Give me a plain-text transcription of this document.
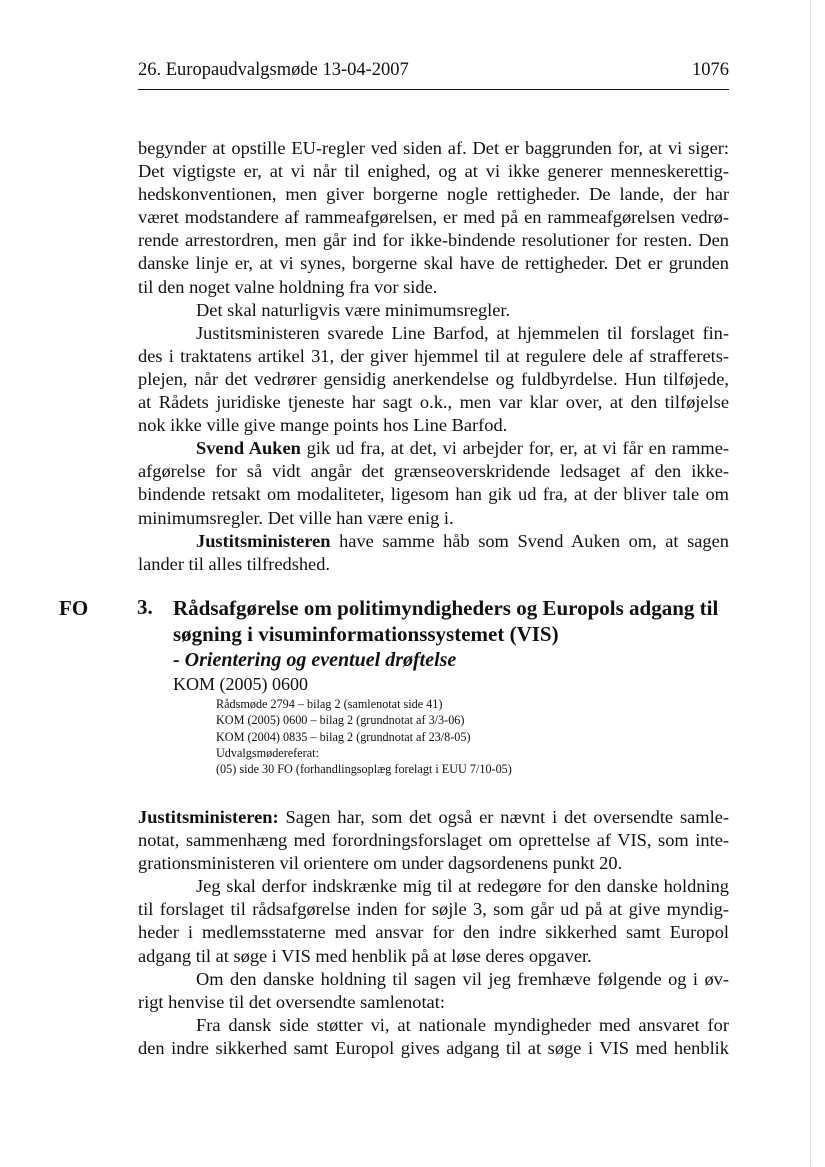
26. Europaudvalgsmøde 13-04-2007	1076

begynder at opstille EU-regler ved siden af. Det er baggrunden for, at vi siger:
Det vigtigste er, at vi når til enighed, og at vi ikke generer menneskerettig-
hedskonventionen, men giver borgerne nogle rettigheder. De lande, der har
været modstandere af rammeafgørelsen, er med på en rammeafgørelsen vedrø-
rende arrestordren, men går ind for ikke-bindende resolutioner for resten. Den
danske linje er, at vi synes, borgerne skal have de rettigheder. Det er grunden

til den noget valne holdning fra vor side.

Det skal naturligvis være minimumsregler.

Justitsministeren svarede Line Barfod, at hjemmelen til forslaget fin-

des i traktatens artikel 31, der giver hjemmel til at regulere dele af strafferets-
plejen, når det vedrører gensidig anerkendelse og fuldbyrdelse. Hun tilføjede,
at Rådets juridiske tjeneste har sagt o.k., men var klar over, at den tilføjelse

nok ikke ville give mange points hos Line Barfod.

Svend Auken gik ud fra, at det, vi arbejder for, er, at vi får en ramme-

afgørelse for så vidt angår det grænseoverskridende ledsaget af den ikke-
bindende retsakt om modaliteter, ligesom han gik ud fra, at der bliver tale om

minimumsregler. Det ville han være enig i.

Justitsministeren have samme håb som Svend Auken om, at sagen

lander til alles tilfredshed.

FO 3. Rådsafgørelse om politimyndigheders og Europols adgang til
søgning i visuminformationssystemet (VIS)
- Orientering og eventuel drøftelse
KOM (2005) 0600
Rådsmøde 2794 – bilag 2 (samlenotat side 41)
KOM (2005) 0600 – bilag 2 (grundnotat af 3/3-06)
KOM (2004) 0835 – bilag 2 (grundnotat af 23/8-05)
Udvalgsmødereferat:
(05) side 30 FO (forhandlingsoplæg forelagt i EUU 7/10-05)

Justitsministeren: Sagen har, som det også er nævnt i det oversendte samle-
notat, sammenhæng med forordningsforslaget om oprettelse af VIS, som inte-

grationsministeren vil orientere om under dagsordenens punkt 20.

Jeg skal derfor indskrænke mig til at redegøre for den danske holdning

til forslaget til rådsafgørelse inden for søjle 3, som går ud på at give myndig-
heder i medlemsstaterne med ansvar for den indre sikkerhed samt Europol

adgang til at søge i VIS med henblik på at løse deres opgaver.

Om den danske holdning til sagen vil jeg fremhæve følgende og i øv-

rigt henvise til det oversendte samlenotat:

Fra dansk side støtter vi, at nationale myndigheder med ansvaret for

den indre sikkerhed samt Europol gives adgang til at søge i VIS med henblik
